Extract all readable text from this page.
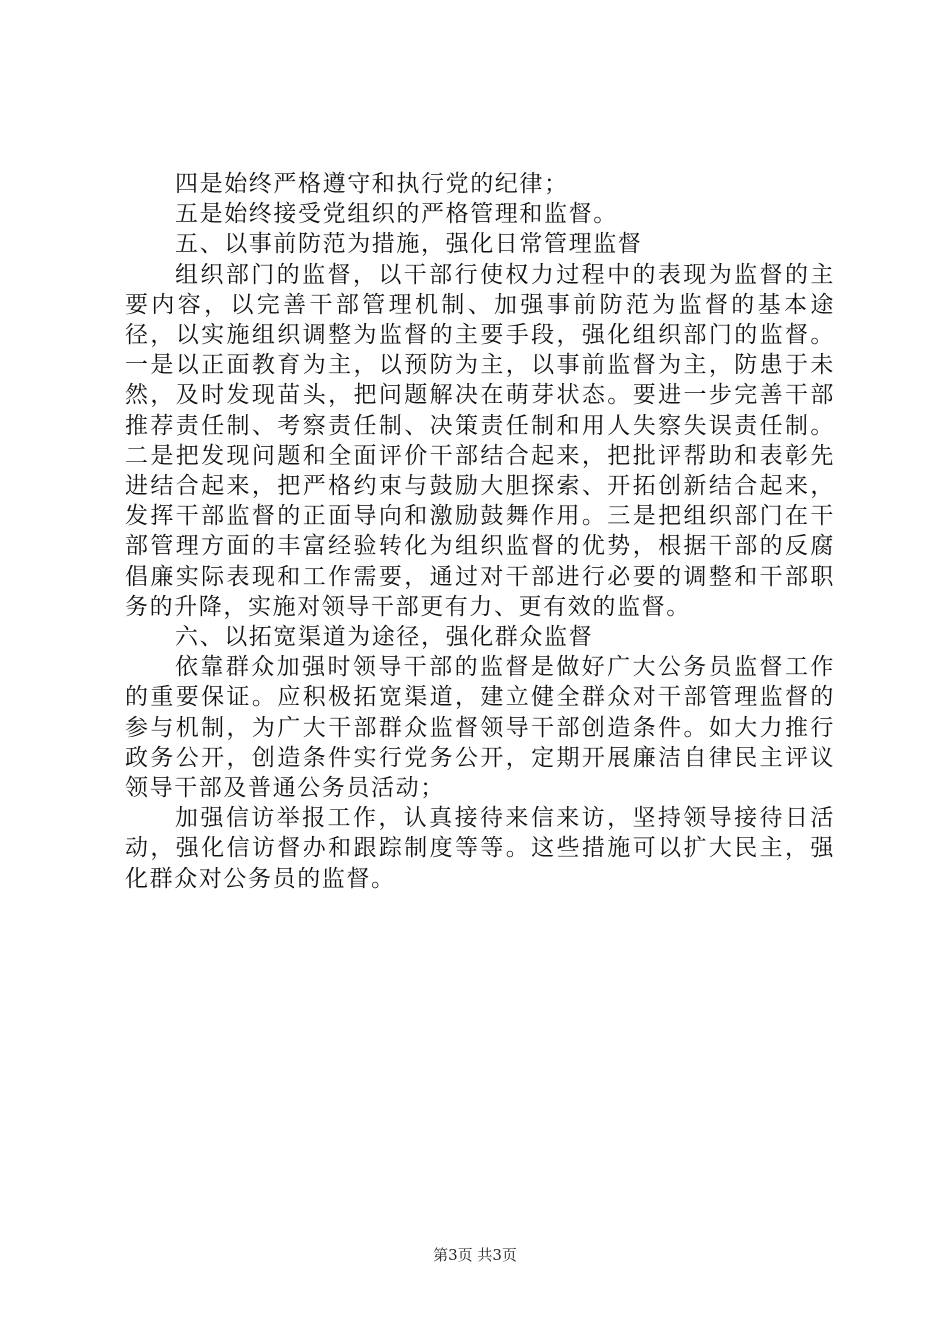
四是始终严格遵守和执行党的纪律；

五是始终接受党组织的严格管理和监督。

五、以事前防范为措施，强化日常管理监督

组织部门的监督，以干部行使权力过程中的表现为监督的主要内容，以完善干部管理机制、加强事前防范为监督的基本途径，以实施组织调整为监督的主要手段，强化组织部门的监督。一是以正面教育为主，以预防为主，以事前监督为主，防患于未然，及时发现苗头，把问题解决在萌芽状态。要进一步完善干部推荐责任制、考察责任制、决策责任制和用人失察失误责任制。二是把发现问题和全面评价干部结合起来，把批评帮助和表彰先进结合起来，把严格约束与鼓励大胆探索、开拓创新结合起来，发挥干部监督的正面导向和激励鼓舞作用。三是把组织部门在干部管理方面的丰富经验转化为组织监督的优势，根据干部的反腐倡廉实际表现和工作需要，通过对干部进行必要的调整和干部职务的升降，实施对领导干部更有力、更有效的监督。

六、以拓宽渠道为途径，强化群众监督

依靠群众加强时领导干部的监督是做好广大公务员监督工作的重要保证。应积极拓宽渠道，建立健全群众对干部管理监督的参与机制，为广大干部群众监督领导干部创造条件。如大力推行政务公开，创造条件实行党务公开，定期开展廉洁自律民主评议领导干部及普通公务员活动；

加强信访举报工作，认真接待来信来访，坚持领导接待日活动，强化信访督办和跟踪制度等等。这些措施可以扩大民主，强化群众对公务员的监督。

第3页 共3页
